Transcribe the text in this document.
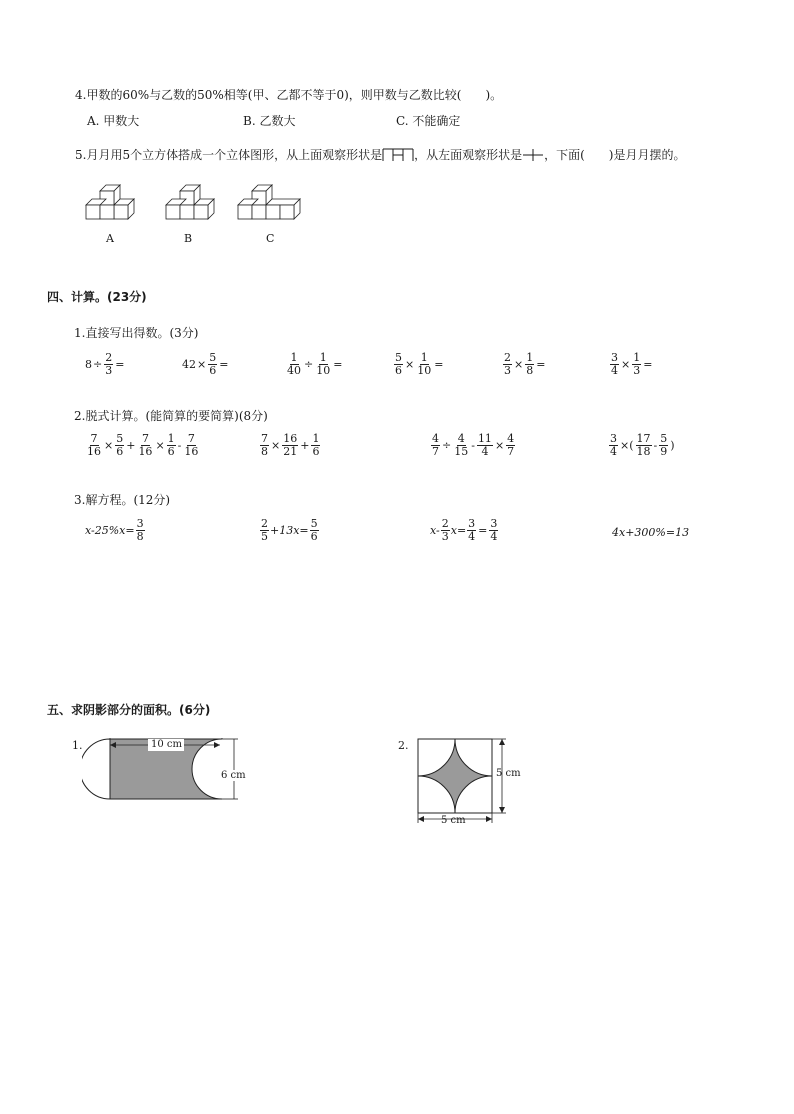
4.甲数的60%与乙数的50%相等(甲、乙都不等于0)，则甲数与乙数比较(　　)。
A. 甲数大	B. 乙数大	C. 不能确定
5.月月用5个立方体搭成一个立体图形，从上面观察形状是	，从左面观察形状是 ，下面(　　)是月月摆的。
A	B	C
四、计算。(23分)
1.直接写出得数。(3分)
$8 \div \frac{2}{3}$ =	$42 \times \frac{5}{6}$ =	$\frac{1}{40} \div \frac{1}{10}$ =	$\frac{5}{6} \times \frac{1}{10}$ =	$\frac{2}{3} \times \frac{1}{8}$ =	$\frac{3}{4} \times \frac{1}{3}$ =
2.脱式计算。(能简算的要简算)(8分)
$\frac{7}{16} \times \frac{5}{6} + \frac{7}{16} \times \frac{1}{6} - \frac{7}{16}$	$\frac{7}{8} \times \frac{16}{21} + \frac{1}{6}$	$\frac{4}{7} \div \frac{4}{15} - \frac{11}{4} \times \frac{4}{7}$	$\frac{3}{4}$ ×( $\frac{17}{18} - \frac{5}{9}$ )
3.解方程。(12分)
$x-25\%x= \frac{3}{8}$	$\frac{2}{5} +13x= \frac{5}{6}$	$x- \frac{2}{3} x= \frac{3}{4} = \frac{3}{4}$	4x+300%=13
五、求阴影部分的面积。(6分)
1.	10 cm
6 cm
2.
5 cm
5 cm
